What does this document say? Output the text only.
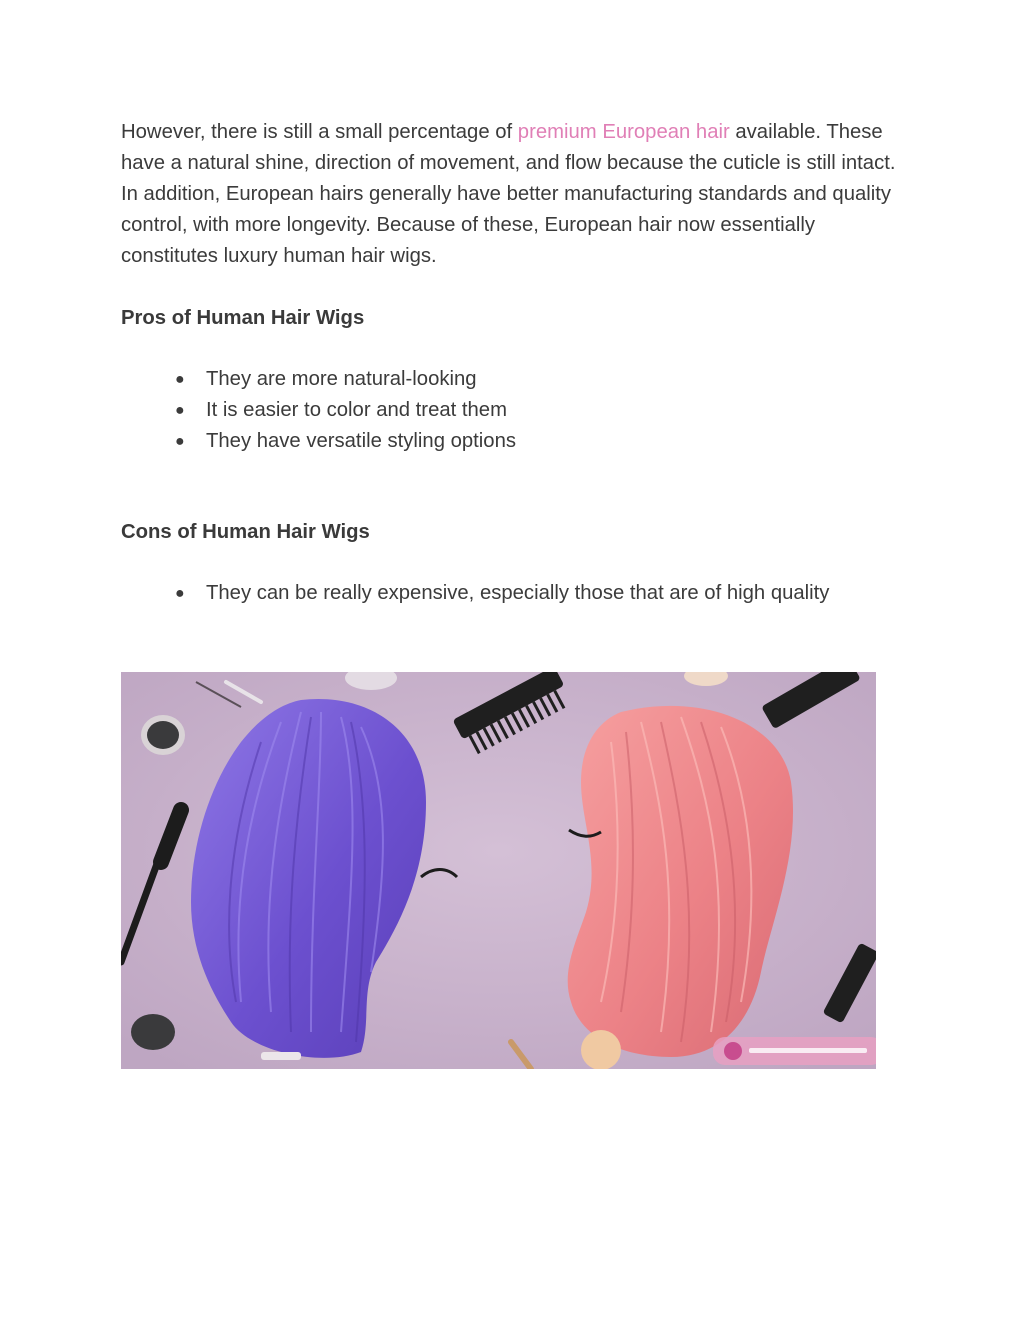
However, there is still a small percentage of premium European hair available. These have a natural shine, direction of movement, and flow because the cuticle is still intact. In addition, European hairs generally have better manufacturing standards and quality control, with more longevity. Because of these, European hair now essentially constitutes luxury human hair wigs.

Pros of Human Hair Wigs
● They are more natural-looking
● It is easier to color and treat them
● They have versatile styling options
Cons of Human Hair Wigs
● They can be really expensive, especially those that are of high quality
